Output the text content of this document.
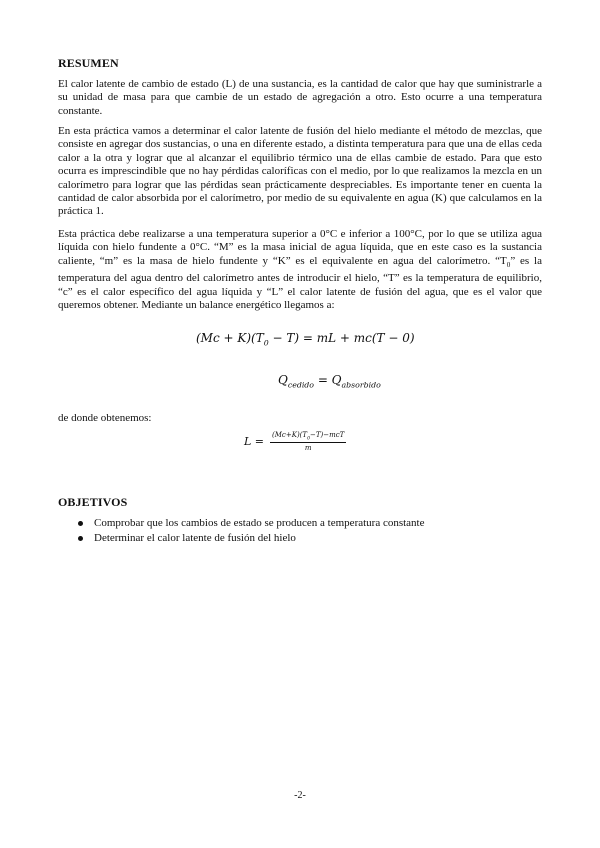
RESUMEN

El calor latente de cambio de estado (L) de una sustancia, es la cantidad de calor que hay que suministrarle a su unidad de masa para que cambie de un estado de agregación a otro. Esto ocurre a una temperatura constante.

En esta práctica vamos a determinar el calor latente de fusión del hielo mediante el método de mezclas, que consiste en agregar dos sustancias, o una en diferente estado, a distinta temperatura para que una de ellas ceda calor a la otra y lograr que al alcanzar el equilibrio térmico una de ellas cambie de estado. Para que esto ocurra es imprescindible que no hay pérdidas caloríficas con el medio, por lo que realizamos la mezcla en un calorímetro para lograr que las pérdidas sean prácticamente despreciables. Es importante tener en cuenta la cantidad de calor absorbida por el calorímetro, por medio de su equivalente en agua (K) que calculamos en la práctica 1.

Esta práctica debe realizarse a una temperatura superior a 0°C e inferior a 100°C, por lo que se utiliza agua líquida con hielo fundente a 0°C. “M” es la masa inicial de agua líquida, que en este caso es la sustancia caliente, “m” es la masa de hielo fundente y “K” es el equivalente en agua del calorímetro. “$T_0$” es la temperatura del agua dentro del calorímetro antes de introducir el hielo, “T” es la temperatura de equilibrio, “c” es el calor específico del agua líquida y “L” el calor latente de fusión del agua, que es el valor que queremos obtener. Mediante un balance energético llegamos a:

$(Mc + K)(T_0 - T)$ = mL + mc(T − 0)
$Q_{cedido} = Q_{absorbido}$

de donde obtenemos:

$L = \frac{(Mc+K)(T_0-T)-mcT}{m}$
OBJETIVOS
Comprobar que los cambios de estado se producen a temperatura constante
Determinar el calor latente de fusión del hielo
-2-
